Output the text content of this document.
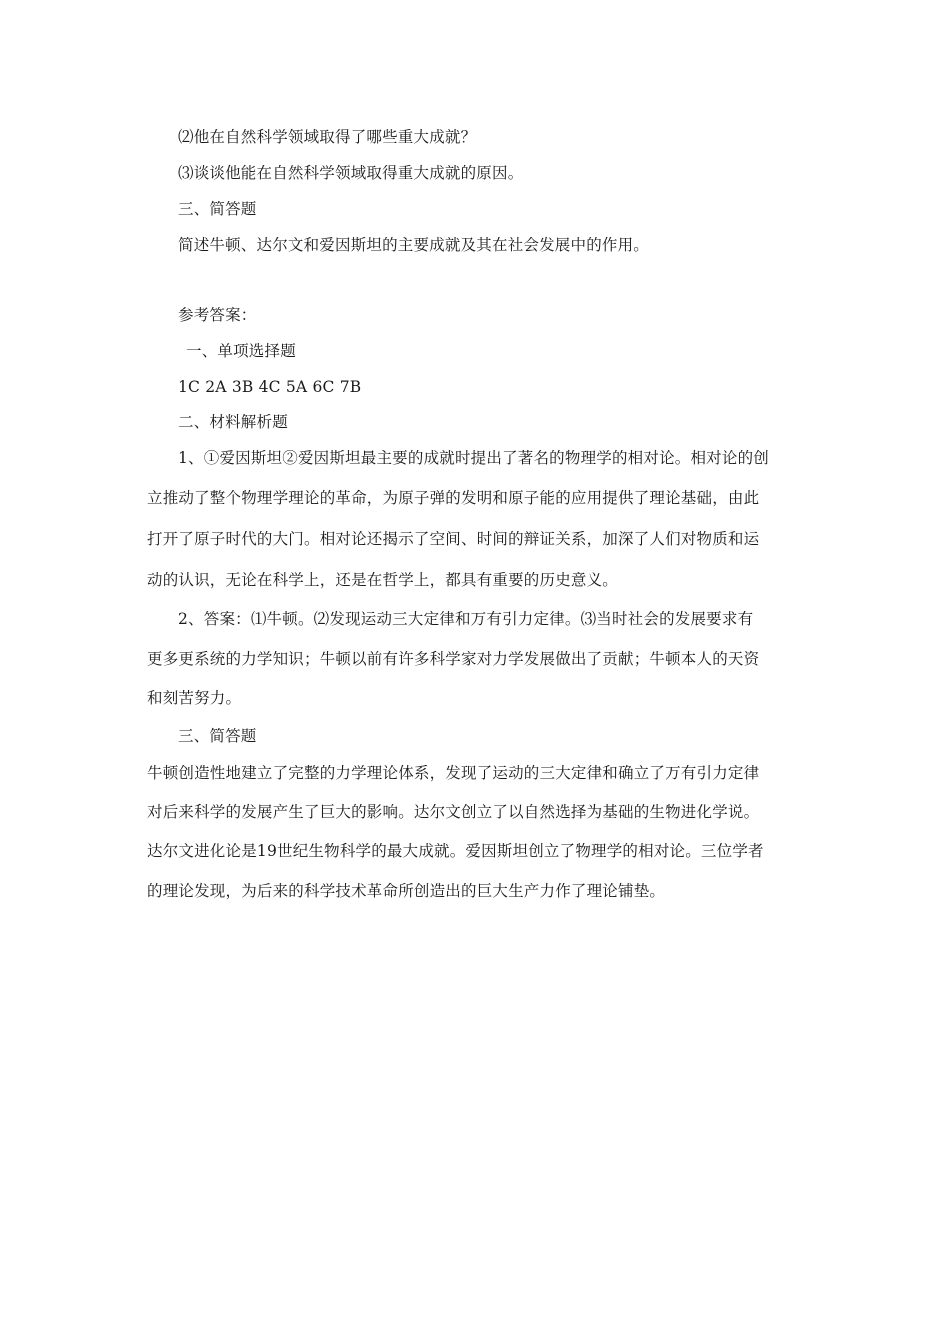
⑵他在自然科学领域取得了哪些重大成就？
⑶谈谈他能在自然科学领域取得重大成就的原因。
三、简答题
简述牛顿、达尔文和爱因斯坦的主要成就及其在社会发展中的作用。
参考答案：
一、单项选择题
1C 2A 3B 4C 5A 6C 7B
二、材料解析题
1、①爱因斯坦②爱因斯坦最主要的成就时提出了著名的物理学的相对论。相对论的创
立推动了整个物理学理论的革命，为原子弹的发明和原子能的应用提供了理论基础，由此
打开了原子时代的大门。相对论还揭示了空间、时间的辩证关系，加深了人们对物质和运
动的认识，无论在科学上，还是在哲学上，都具有重要的历史意义。
2、答案：⑴牛顿。⑵发现运动三大定律和万有引力定律。⑶当时社会的发展要求有
更多更系统的力学知识；牛顿以前有许多科学家对力学发展做出了贡献；牛顿本人的天资
和刻苦努力。
三、简答题
牛顿创造性地建立了完整的力学理论体系，发现了运动的三大定律和确立了万有引力定律
对后来科学的发展产生了巨大的影响。达尔文创立了以自然选择为基础的生物进化学说。
达尔文进化论是19世纪生物科学的最大成就。爱因斯坦创立了物理学的相对论。三位学者
的理论发现，为后来的科学技术革命所创造出的巨大生产力作了理论铺垫。
